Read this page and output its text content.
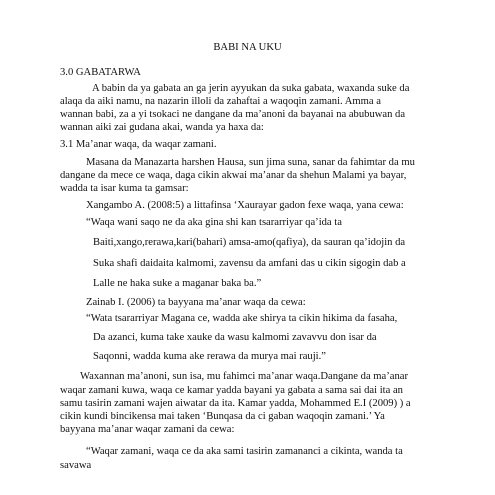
BABI NA UKU

3.0 GABATARWA

A babin da ya gabata an ga jerin ayyukan da suka gabata, waxanda suke da

alaqa da aiki namu, na nazarin illoli da zahaftai a waqoqin zamani. Amma a

wannan babi, za a yi tsokaci ne dangane da ma’anoni da bayanai na abubuwan da

wannan aiki zai gudana akai, wanda ya haxa da:

3.1 Ma’anar waqa, da waqar zamani.

Masana da Manazarta harshen Hausa, sun jima suna, sanar da fahimtar da mu

dangane da mece ce waqa, daga cikin akwai ma’anar da shehun Malami ya bayar,

wadda ta isar kuma ta gamsar:

Xangambo A. (2008:5) a littafinsa ‘Xaurayar gadon fexe waqa, yana cewa:

“Waqa wani saqo ne da aka gina shi kan tsararriyar qa’ida ta

Baiti,xango,rerawa,kari(bahari) amsa-amo(qafiya), da sauran qa’idojin da

Suka shafi daidaita kalmomi, zavensu da amfani das u cikin sigogin dab a

Lalle ne haka suke a maganar baka ba.”

Zainab I. (2006) ta bayyana ma’anar waqa da cewa:

“Wata tsararriyar Magana ce, wadda ake shirya ta cikin hikima da fasaha,

Da azanci, kuma take xauke da wasu kalmomi zavavvu don isar da

Saqonni, wadda kuma ake rerawa da murya mai rauji.”

Waxannan ma’anoni, sun isa, mu fahimci ma’anar waqa.Dangane da ma’anar

waqar zamani kuwa, waqa ce kamar yadda bayani ya gabata a sama sai dai ita an

samu tasirin zamani wajen aiwatar da ita. Kamar yadda, Mohammed E.I (2009) ) a

cikin kundi bincikensa mai taken ‘Bunqasa da ci gaban waqoqin zamani.’ Ya

bayyana ma’anar waqar zamani da cewa:

“Waqar zamani, waqa ce da aka sami tasirin zamananci a cikinta, wanda ta

savawa
